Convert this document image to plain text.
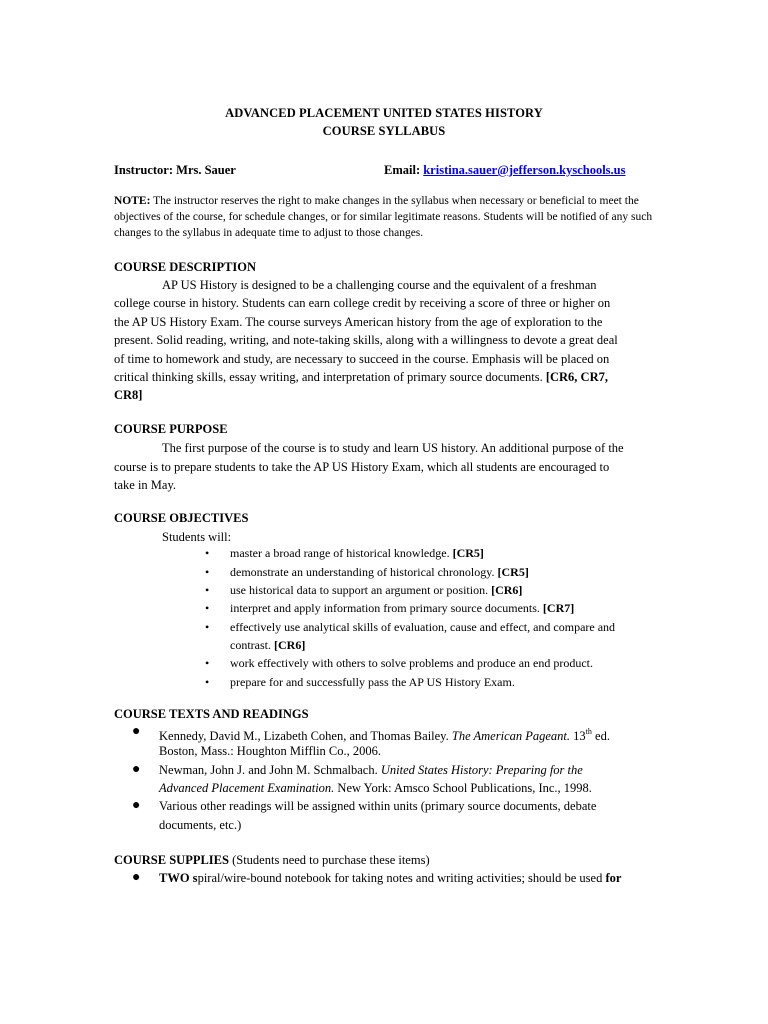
ADVANCED PLACEMENT UNITED STATES HISTORY
COURSE SYLLABUS
Instructor: Mrs. Sauer	Email: kristina.sauer@jefferson.kyschools.us

NOTE: The instructor reserves the right to make changes in the syllabus when necessary or beneficial to meet the objectives of the course, for schedule changes, or for similar legitimate reasons. Students will be notified of any such changes to the syllabus in adequate time to adjust to those changes.

COURSE DESCRIPTION
AP US History is designed to be a challenging course and the equivalent of a freshman
college course in history. Students can earn college credit by receiving a score of three or higher on
the AP US History Exam. The course surveys American history from the age of exploration to the
present. Solid reading, writing, and note-taking skills, along with a willingness to devote a great deal
of time to homework and study, are necessary to succeed in the course. Emphasis will be placed on
critical thinking skills, essay writing, and interpretation of primary source documents. [CR6, CR7,
CR8]
COURSE PURPOSE
The first purpose of the course is to study and learn US history. An additional purpose of the
course is to prepare students to take the AP US History Exam, which all students are encouraged to
take in May.
COURSE OBJECTIVES
Students will:
• master a broad range of historical knowledge. [CR5]
• demonstrate an understanding of historical chronology. [CR5]
• use historical data to support an argument or position. [CR6]
• interpret and apply information from primary source documents. [CR7]
• effectively use analytical skills of evaluation, cause and effect, and compare and
contrast. [CR6]
• work effectively with others to solve problems and produce an end product.
• prepare for and successfully pass the AP US History Exam.
COURSE TEXTS AND READINGS
● Kennedy, David M., Lizabeth Cohen, and Thomas Bailey. The American Pageant. 13th ed.
Boston, Mass.: Houghton Mifflin Co., 2006.
● Newman, John J. and John M. Schmalbach. United States History: Preparing for the
Advanced Placement Examination. New York: Amsco School Publications, Inc., 1998.
● Various other readings will be assigned within units (primary source documents, debate
documents, etc.)
COURSE SUPPLIES (Students need to purchase these items)
● TWO spiral/wire-bound notebook for taking notes and writing activities; should be used for
